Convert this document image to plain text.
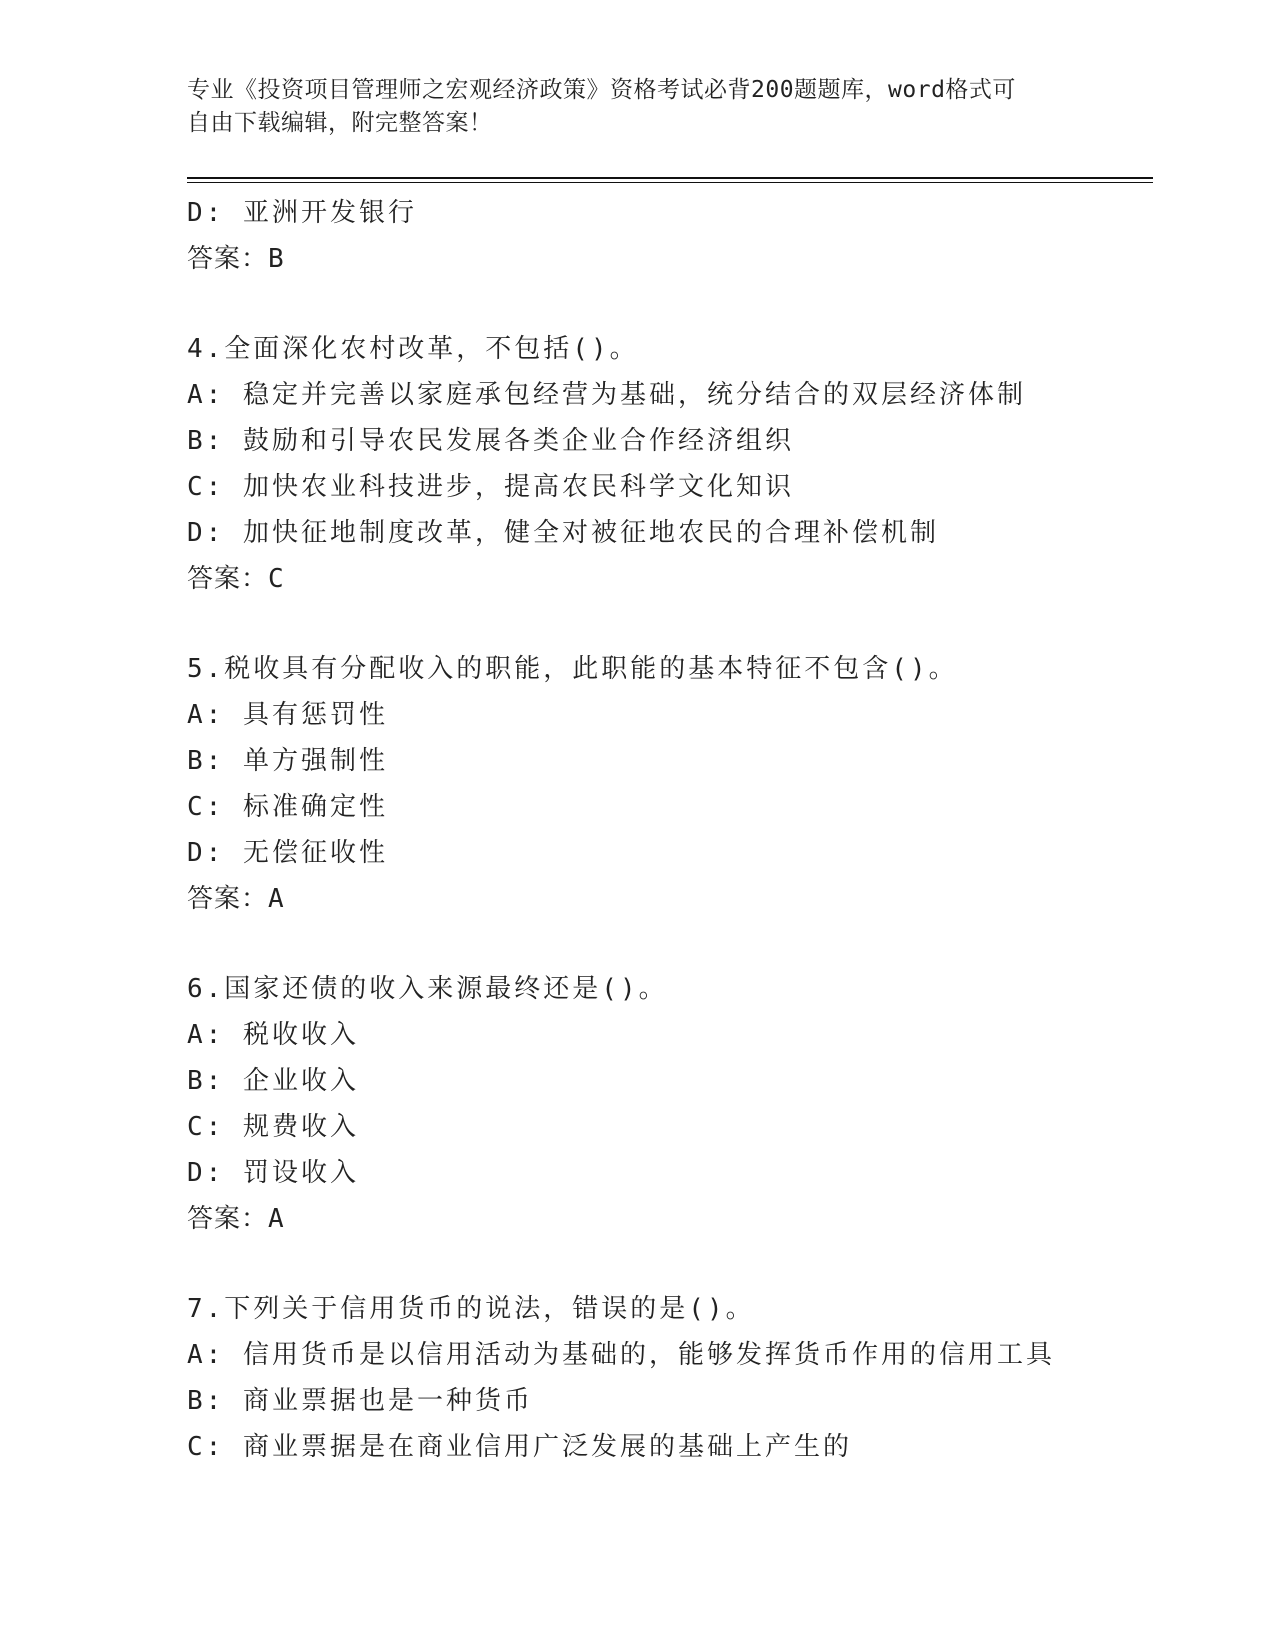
专业《投资项目管理师之宏观经济政策》资格考试必背200题题库，word格式可
自由下载编辑，附完整答案！
D: 亚洲开发银行
答案：B
4.全面深化农村改革，不包括()。
A: 稳定并完善以家庭承包经营为基础，统分结合的双层经济体制
B: 鼓励和引导农民发展各类企业合作经济组织
C: 加快农业科技进步，提高农民科学文化知识
D: 加快征地制度改革，健全对被征地农民的合理补偿机制
答案：C
5.税收具有分配收入的职能，此职能的基本特征不包含()。
A: 具有惩罚性
B: 单方强制性
C: 标准确定性
D: 无偿征收性
答案：A
6.国家还债的收入来源最终还是()。
A: 税收收入
B: 企业收入
C: 规费收入
D: 罚设收入
答案：A
7.下列关于信用货币的说法，错误的是()。
A: 信用货币是以信用活动为基础的，能够发挥货币作用的信用工具
B: 商业票据也是一种货币
C: 商业票据是在商业信用广泛发展的基础上产生的
